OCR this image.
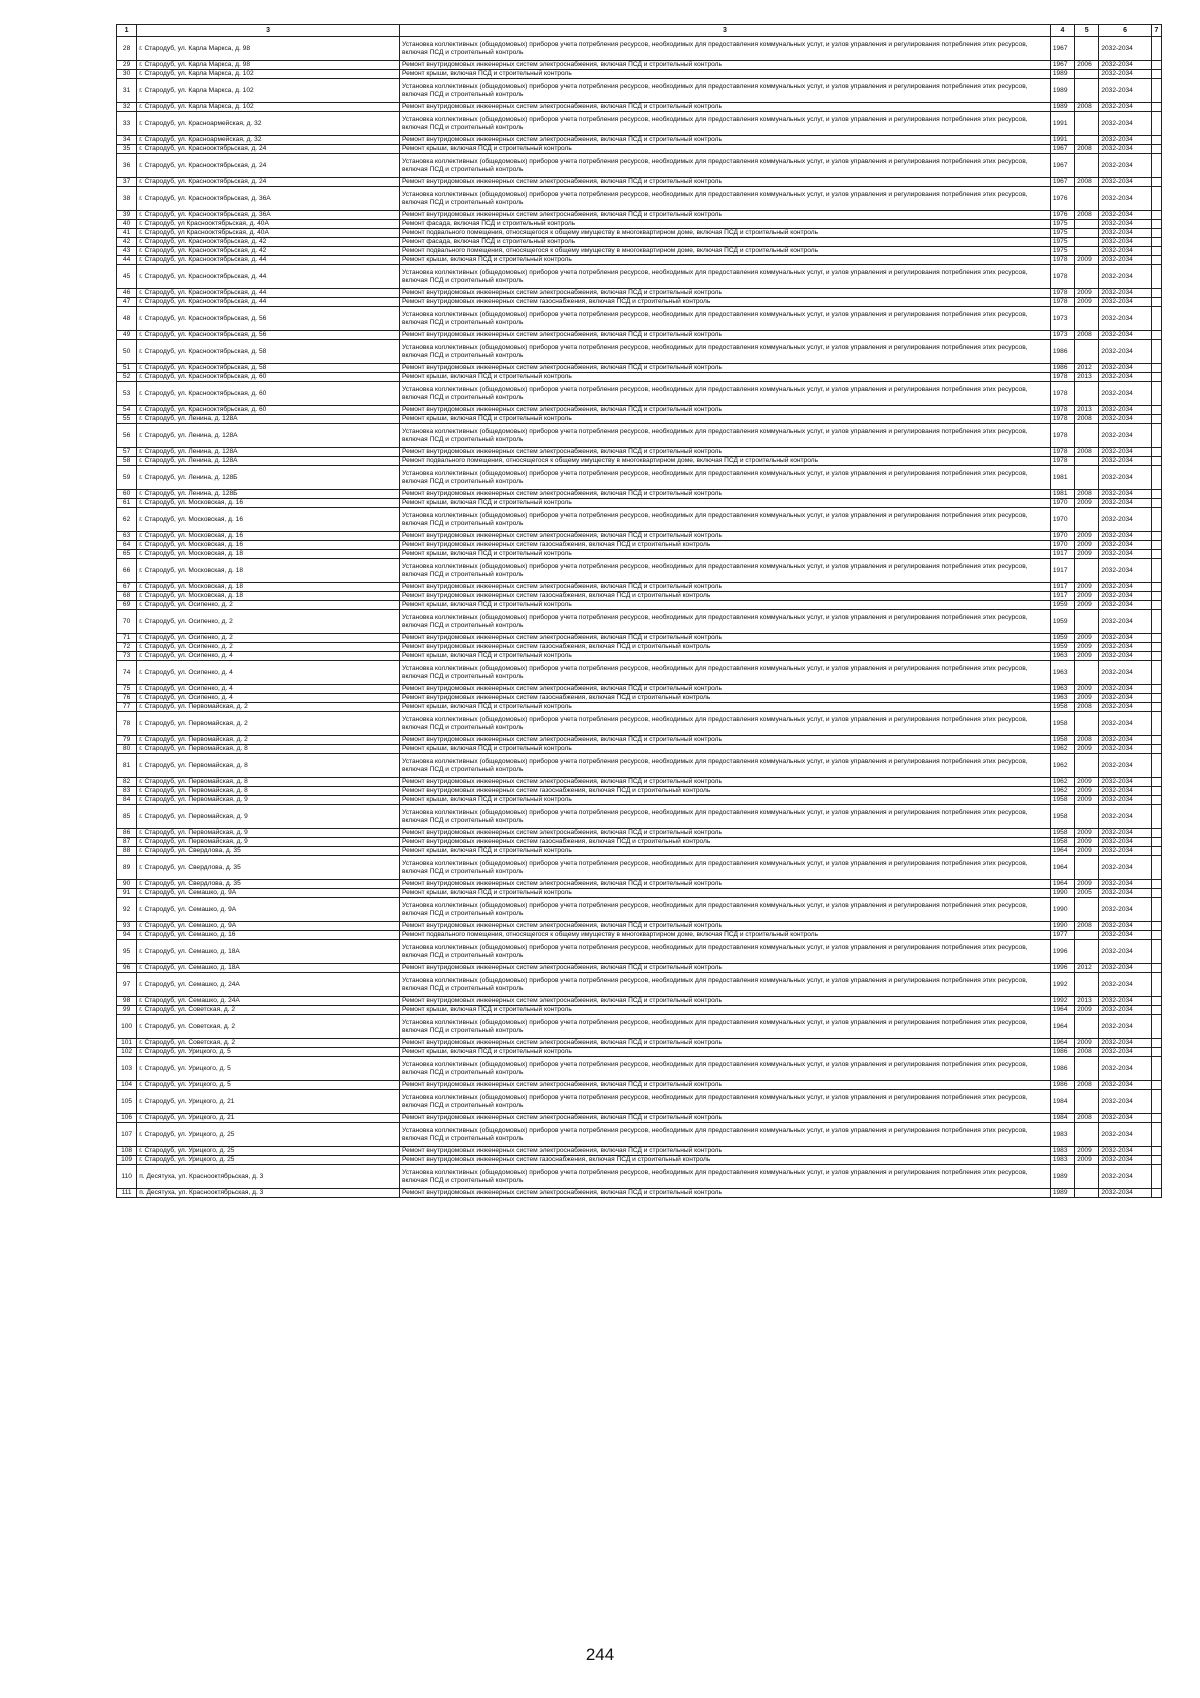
1	3	3	4	5	6	7
28	г. Стародуб, ул. Карла Маркса, д. 98	Установка коллективных (общедомовых) приборов учета потребления ресурсов, необходимых для предоставления коммунальных услуг, и узлов управления и регулирования потребления этих ресурсов, включая ПСД и строительный контроль	1967		2032-2034	
29	г. Стародуб, ул. Карла Маркса, д. 98	Ремонт внутридомовых инженерных систем электроснабжения, включая ПСД и строительный контроль	1967	2006	2032-2034	
30	г. Стародуб, ул. Карла Маркса, д. 102	Ремонт крыши, включая ПСД и строительный контроль	1989		2032-2034	
31	г. Стародуб, ул. Карла Маркса, д. 102	Установка коллективных (общедомовых) приборов учета потребления ресурсов, необходимых для предоставления коммунальных услуг, и узлов управления и регулирования потребления этих ресурсов, включая ПСД и строительный контроль	1989		2032-2034	
32	г. Стародуб, ул. Карла Маркса, д. 102	Ремонт внутридомовых инженерных систем электроснабжения, включая ПСД и строительный контроль	1989	2008	2032-2034	
33	г. Стародуб, ул. Красноармейская, д. 32	Установка коллективных (общедомовых) приборов учета потребления ресурсов, необходимых для предоставления коммунальных услуг, и узлов управления и регулирования потребления этих ресурсов, включая ПСД и строительный контроль	1991		2032-2034	
34	г. Стародуб, ул. Красноармейская, д. 32	Ремонт внутридомовых инженерных систем электроснабжения, включая ПСД и строительный контроль	1991		2032-2034	
35	г. Стародуб, ул. Краснооктябрьская, д. 24	Ремонт крыши, включая ПСД и строительный контроль	1967	2008	2032-2034	
36	г. Стародуб, ул. Краснооктябрьская, д. 24	Установка коллективных (общедомовых) приборов учета потребления ресурсов, необходимых для предоставления коммунальных услуг, и узлов управления и регулирования потребления этих ресурсов, включая ПСД и строительный контроль	1967		2032-2034	
37	г. Стародуб, ул. Краснооктябрьская, д. 24	Ремонт внутридомовых инженерных систем электроснабжения, включая ПСД и строительный контроль	1967	2008	2032-2034	
38	г. Стародуб, ул. Краснооктябрьская, д. 36А	Установка коллективных (общедомовых) приборов учета потребления ресурсов, необходимых для предоставления коммунальных услуг, и узлов управления и регулирования потребления этих ресурсов, включая ПСД и строительный контроль	1976		2032-2034	
39	г. Стародуб, ул. Краснооктябрьская, д. 36А	Ремонт внутридомовых инженерных систем электроснабжения, включая ПСД и строительный контроль	1976	2008	2032-2034	
40	г. Стародуб, ул Краснооктябрьская, д. 40А	Ремонт фасада, включая ПСД и строительный контроль	1975		2032-2034	
41	г. Стародуб, ул Краснооктябрьская, д. 40А	Ремонт подвального помещения, относящегося к общему имуществу в многоквартирном доме, включая ПСД и строительный контроль	1975		2032-2034	
42	г. Стародуб, ул. Краснооктябрьская, д. 42	Ремонт фасада, включая ПСД и строительный контроль	1975		2032-2034	
43	г. Стародуб, ул. Краснооктябрьская, д. 42	Ремонт подвального помещения, относящегося к общему имуществу в многоквартирном доме, включая ПСД и строительный контроль	1975		2032-2034	
44	г. Стародуб, ул. Краснооктябрьская, д. 44	Ремонт крыши, включая ПСД и строительный контроль	1978	2009	2032-2034	
45	г. Стародуб, ул. Краснооктябрьская, д. 44	Установка коллективных (общедомовых) приборов учета потребления ресурсов, необходимых для предоставления коммунальных услуг, и узлов управления и регулирования потребления этих ресурсов, включая ПСД и строительный контроль	1978		2032-2034	
46	г. Стародуб, ул. Краснооктябрьская, д. 44	Ремонт внутридомовых инженерных систем электроснабжения, включая ПСД и строительный контроль	1978	2009	2032-2034	
47	г. Стародуб, ул. Краснооктябрьская, д. 44	Ремонт внутридомовых инженерных систем газоснабжения, включая ПСД и строительный контроль	1978	2009	2032-2034	
48	г. Стародуб, ул. Краснооктябрьская, д. 56	Установка коллективных (общедомовых) приборов учета потребления ресурсов, необходимых для предоставления коммунальных услуг, и узлов управления и регулирования потребления этих ресурсов, включая ПСД и строительный контроль	1973		2032-2034	
49	г. Стародуб, ул. Краснооктябрьская, д. 56	Ремонт внутридомовых инженерных систем электроснабжения, включая ПСД и строительный контроль	1973	2008	2032-2034	
50	г. Стародуб, ул. Краснооктябрьская, д. 58	Установка коллективных (общедомовых) приборов учета потребления ресурсов, необходимых для предоставления коммунальных услуг, и узлов управления и регулирования потребления этих ресурсов, включая ПСД и строительный контроль	1986		2032-2034	
51	г. Стародуб, ул. Краснооктябрьская, д. 58	Ремонт внутридомовых инженерных систем электроснабжения, включая ПСД и строительный контроль	1986	2012	2032-2034	
52	г. Стародуб, ул. Краснооктябрьская, д. 60	Ремонт крыши, включая ПСД и строительный контроль	1978	2013	2032-2034	
53	г. Стародуб, ул. Краснооктябрьская, д. 60	Установка коллективных (общедомовых) приборов учета потребления ресурсов, необходимых для предоставления коммунальных услуг, и узлов управления и регулирования потребления этих ресурсов, включая ПСД и строительный контроль	1978		2032-2034	
54	г. Стародуб, ул. Краснооктябрьская, д. 60	Ремонт внутридомовых инженерных систем электроснабжения, включая ПСД и строительный контроль	1978	2013	2032-2034	
55	г. Стародуб, ул. Ленина, д. 128А	Ремонт крыши, включая ПСД и строительный контроль	1978	2008	2032-2034	
56	г. Стародуб, ул. Ленина, д. 128А	Установка коллективных (общедомовых) приборов учета потребления ресурсов, необходимых для предоставления коммунальных услуг, и узлов управления и регулирования потребления этих ресурсов, включая ПСД и строительный контроль	1978		2032-2034	
57	г. Стародуб, ул. Ленина, д. 128А	Ремонт внутридомовых инженерных систем электроснабжения, включая ПСД и строительный контроль	1978	2008	2032-2034	
58	г. Стародуб, ул. Ленина, д. 128А	Ремонт подвального помещения, относящегося к общему имуществу в многоквартирном доме, включая ПСД и строительный контроль	1978		2032-2034	
59	г. Стародуб, ул. Ленина, д. 128Б	Установка коллективных (общедомовых) приборов учета потребления ресурсов, необходимых для предоставления коммунальных услуг, и узлов управления и регулирования потребления этих ресурсов, включая ПСД и строительный контроль	1981		2032-2034	
60	г. Стародуб, ул. Ленина, д. 128Б	Ремонт внутридомовых инженерных систем электроснабжения, включая ПСД и строительный контроль	1981	2008	2032-2034	
61	г. Стародуб, ул. Московская, д. 16	Ремонт крыши, включая ПСД и строительный контроль	1970	2009	2032-2034	
62	г. Стародуб, ул. Московская, д. 16	Установка коллективных (общедомовых) приборов учета потребления ресурсов, необходимых для предоставления коммунальных услуг, и узлов управления и регулирования потребления этих ресурсов, включая ПСД и строительный контроль	1970		2032-2034	
63	г. Стародуб, ул. Московская, д. 16	Ремонт внутридомовых инженерных систем электроснабжения, включая ПСД и строительный контроль	1970	2009	2032-2034	
64	г. Стародуб, ул. Московская, д. 16	Ремонт внутридомовых инженерных систем газоснабжения, включая ПСД и строительный контроль	1970	2009	2032-2034	
65	г. Стародуб, ул. Московская, д. 18	Ремонт крыши, включая ПСД и строительный контроль	1917	2009	2032-2034	
66	г. Стародуб, ул. Московская, д. 18	Установка коллективных (общедомовых) приборов учета потребления ресурсов, необходимых для предоставления коммунальных услуг, и узлов управления и регулирования потребления этих ресурсов, включая ПСД и строительный контроль	1917		2032-2034	
67	г. Стародуб, ул. Московская, д. 18	Ремонт внутридомовых инженерных систем электроснабжения, включая ПСД и строительный контроль	1917	2009	2032-2034	
68	г. Стародуб, ул. Московская, д. 18	Ремонт внутридомовых инженерных систем газоснабжения, включая ПСД и строительный контроль	1917	2009	2032-2034	
69	г. Стародуб, ул. Осипенко, д. 2	Ремонт крыши, включая ПСД и строительный контроль	1959	2009	2032-2034	
70	г. Стародуб, ул. Осипенко, д. 2	Установка коллективных (общедомовых) приборов учета потребления ресурсов, необходимых для предоставления коммунальных услуг, и узлов управления и регулирования потребления этих ресурсов, включая ПСД и строительный контроль	1959		2032-2034	
71	г. Стародуб, ул. Осипенко, д. 2	Ремонт внутридомовых инженерных систем электроснабжения, включая ПСД и строительный контроль	1959	2009	2032-2034	
72	г. Стародуб, ул. Осипенко, д. 2	Ремонт внутридомовых инженерных систем газоснабжения, включая ПСД и строительный контроль	1959	2009	2032-2034	
73	г. Стародуб, ул. Осипенко, д. 4	Ремонт крыши, включая ПСД и строительный контроль	1963	2009	2032-2034	
74	г. Стародуб, ул. Осипенко, д. 4	Установка коллективных (общедомовых) приборов учета потребления ресурсов, необходимых для предоставления коммунальных услуг, и узлов управления и регулирования потребления этих ресурсов, включая ПСД и строительный контроль	1963		2032-2034	
75	г. Стародуб, ул. Осипенко, д. 4	Ремонт внутридомовых инженерных систем электроснабжения, включая ПСД и строительный контроль	1963	2009	2032-2034	
76	г. Стародуб, ул. Осипенко, д. 4	Ремонт внутридомовых инженерных систем газоснабжения, включая ПСД и строительный контроль	1963	2009	2032-2034	
77	г. Стародуб, ул. Первомайская, д. 2	Ремонт крыши, включая ПСД и строительный контроль	1958	2008	2032-2034	
78	г. Стародуб, ул. Первомайская, д. 2	Установка коллективных (общедомовых) приборов учета потребления ресурсов, необходимых для предоставления коммунальных услуг, и узлов управления и регулирования потребления этих ресурсов, включая ПСД и строительный контроль	1958		2032-2034	
79	г. Стародуб, ул. Первомайская, д. 2	Ремонт внутридомовых инженерных систем электроснабжения, включая ПСД и строительный контроль	1958	2008	2032-2034	
80	г. Стародуб, ул. Первомайская, д. 8	Ремонт крыши, включая ПСД и строительный контроль	1962	2009	2032-2034	
81	г. Стародуб, ул. Первомайская, д. 8	Установка коллективных (общедомовых) приборов учета потребления ресурсов, необходимых для предоставления коммунальных услуг, и узлов управления и регулирования потребления этих ресурсов, включая ПСД и строительный контроль	1962		2032-2034	
82	г. Стародуб, ул. Первомайская, д. 8	Ремонт внутридомовых инженерных систем электроснабжения, включая ПСД и строительный контроль	1962	2009	2032-2034	
83	г. Стародуб, ул. Первомайская, д. 8	Ремонт внутридомовых инженерных систем газоснабжения, включая ПСД и строительный контроль	1962	2009	2032-2034	
84	г. Стародуб, ул. Первомайская, д. 9	Ремонт крыши, включая ПСД и строительный контроль	1958	2009	2032-2034	
85	г. Стародуб, ул. Первомайская, д. 9	Установка коллективных (общедомовых) приборов учета потребления ресурсов, необходимых для предоставления коммунальных услуг, и узлов управления и регулирования потребления этих ресурсов, включая ПСД и строительный контроль	1958		2032-2034	
86	г. Стародуб, ул. Первомайская, д. 9	Ремонт внутридомовых инженерных систем электроснабжения, включая ПСД и строительный контроль	1958	2009	2032-2034	
87	г. Стародуб, ул. Первомайская, д. 9	Ремонт внутридомовых инженерных систем газоснабжения, включая ПСД и строительный контроль	1958	2009	2032-2034	
88	г. Стародуб, ул. Свердлова, д. 35	Ремонт крыши, включая ПСД и строительный контроль	1964	2009	2032-2034	
89	г. Стародуб, ул. Свердлова, д. 35	Установка коллективных (общедомовых) приборов учета потребления ресурсов, необходимых для предоставления коммунальных услуг, и узлов управления и регулирования потребления этих ресурсов, включая ПСД и строительный контроль	1964		2032-2034	
90	г. Стародуб, ул. Свердлова, д. 35	Ремонт внутридомовых инженерных систем электроснабжения, включая ПСД и строительный контроль	1964	2009	2032-2034	
91	г. Стародуб, ул. Семашко, д. 9А	Ремонт крыши, включая ПСД и строительный контроль	1990	2005	2032-2034	
92	г. Стародуб, ул. Семашко, д. 9А	Установка коллективных (общедомовых) приборов учета потребления ресурсов, необходимых для предоставления коммунальных услуг, и узлов управления и регулирования потребления этих ресурсов, включая ПСД и строительный контроль	1990		2032-2034	
93	г. Стародуб, ул. Семашко, д. 9А	Ремонт внутридомовых инженерных систем электроснабжения, включая ПСД и строительный контроль	1990	2008	2032-2034	
94	г. Стародуб, ул. Семашко, д. 16	Ремонт подвального помещения, относящегося к общему имуществу в многоквартирном доме, включая ПСД и строительный контроль	1977		2032-2034	
95	г. Стародуб, ул. Семашко, д. 18А	Установка коллективных (общедомовых) приборов учета потребления ресурсов, необходимых для предоставления коммунальных услуг, и узлов управления и регулирования потребления этих ресурсов, включая ПСД и строительный контроль	1996		2032-2034	
96	г. Стародуб, ул. Семашко, д. 18А	Ремонт внутридомовых инженерных систем электроснабжения, включая ПСД и строительный контроль	1996	2012	2032-2034	
97	г. Стародуб, ул. Семашко, д. 24А	Установка коллективных (общедомовых) приборов учета потребления ресурсов, необходимых для предоставления коммунальных услуг, и узлов управления и регулирования потребления этих ресурсов, включая ПСД и строительный контроль	1992		2032-2034	
98	г. Стародуб, ул. Семашко, д. 24А	Ремонт внутридомовых инженерных систем электроснабжения, включая ПСД и строительный контроль	1992	2013	2032-2034	
99	г. Стародуб, ул. Советская, д. 2	Ремонт крыши, включая ПСД и строительный контроль	1964	2009	2032-2034	
100	г. Стародуб, ул. Советская, д. 2	Установка коллективных (общедомовых) приборов учета потребления ресурсов, необходимых для предоставления коммунальных услуг, и узлов управления и регулирования потребления этих ресурсов, включая ПСД и строительный контроль	1964		2032-2034	
101	г. Стародуб, ул. Советская, д. 2	Ремонт внутридомовых инженерных систем электроснабжения, включая ПСД и строительный контроль	1964	2009	2032-2034	
102	г. Стародуб, ул. Урицкого, д. 5	Ремонт крыши, включая ПСД и строительный контроль	1986	2008	2032-2034	
103	г. Стародуб, ул. Урицкого, д. 5	Установка коллективных (общедомовых) приборов учета потребления ресурсов, необходимых для предоставления коммунальных услуг, и узлов управления и регулирования потребления этих ресурсов, включая ПСД и строительный контроль	1986		2032-2034	
104	г. Стародуб, ул. Урицкого, д. 5	Ремонт внутридомовых инженерных систем электроснабжения, включая ПСД и строительный контроль	1986	2008	2032-2034	
105	г. Стародуб, ул. Урицкого, д. 21	Установка коллективных (общедомовых) приборов учета потребления ресурсов, необходимых для предоставления коммунальных услуг, и узлов управления и регулирования потребления этих ресурсов, включая ПСД и строительный контроль	1984		2032-2034	
106	г. Стародуб, ул. Урицкого, д. 21	Ремонт внутридомовых инженерных систем электроснабжения, включая ПСД и строительный контроль	1984	2008	2032-2034	
107	г. Стародуб, ул. Урицкого, д. 25	Установка коллективных (общедомовых) приборов учета потребления ресурсов, необходимых для предоставления коммунальных услуг, и узлов управления и регулирования потребления этих ресурсов, включая ПСД и строительный контроль	1983		2032-2034	
108	г. Стародуб, ул. Урицкого, д. 25	Ремонт внутридомовых инженерных систем электроснабжения, включая ПСД и строительный контроль	1983	2009	2032-2034	
109	г. Стародуб, ул. Урицкого, д. 25	Ремонт внутридомовых инженерных систем газоснабжения, включая ПСД и строительный контроль	1983	2009	2032-2034	
110	п. Десятуха, ул. Краснооктябрьская, д. 3	Установка коллективных (общедомовых) приборов учета потребления ресурсов, необходимых для предоставления коммунальных услуг, и узлов управления и регулирования потребления этих ресурсов, включая ПСД и строительный контроль	1989		2032-2034	
111	п. Десятуха, ул. Краснооктябрьская, д. 3	Ремонт внутридомовых инженерных систем электроснабжения, включая ПСД и строительный контроль	1989		2032-2034	
244
